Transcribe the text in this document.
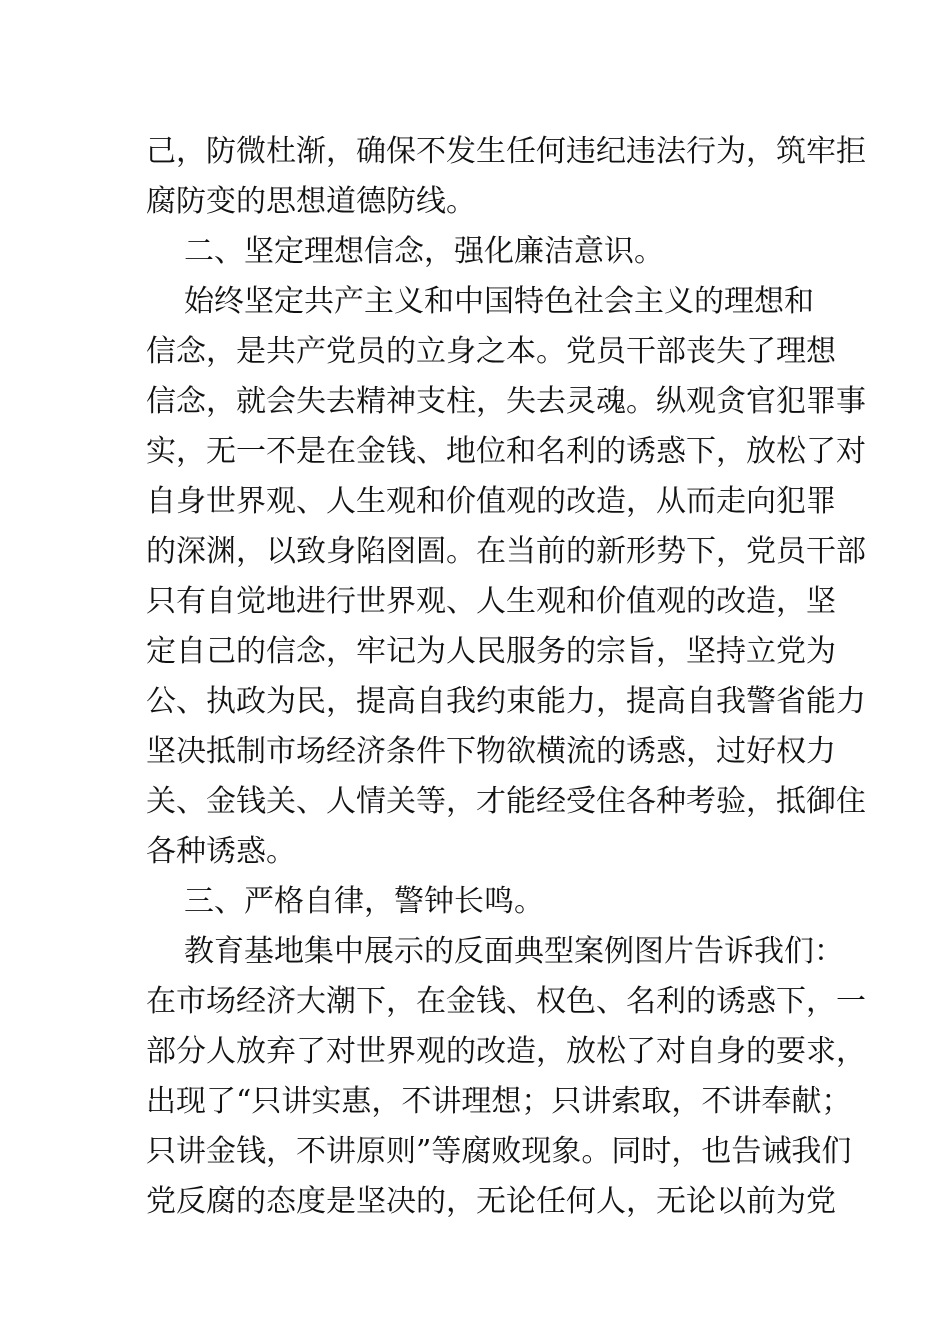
己，防微杜渐，确保不发生任何违纪违法行为，筑牢拒
腐防变的思想道德防线。
二、坚定理想信念，强化廉洁意识。
始终坚定共产主义和中国特色社会主义的理想和
信念，是共产党员的立身之本。党员干部丧失了理想
信念，就会失去精神支柱，失去灵魂。纵观贪官犯罪事
实，无一不是在金钱、地位和名利的诱惑下，放松了对
自身世界观、人生观和价值观的改造，从而走向犯罪
的深渊，以致身陷囹圄。在当前的新形势下，党员干部
只有自觉地进行世界观、人生观和价值观的改造，坚
定自己的信念，牢记为人民服务的宗旨，坚持立党为
公、执政为民，提高自我约束能力，提高自我警省能力
坚决抵制市场经济条件下物欲横流的诱惑，过好权力
关、金钱关、人情关等，才能经受住各种考验，抵御住
各种诱惑。
三、严格自律，警钟长鸣。
教育基地集中展示的反面典型案例图片告诉我们：
在市场经济大潮下，在金钱、权色、名利的诱惑下，一
部分人放弃了对世界观的改造，放松了对自身的要求，
出现了“只讲实惠，不讲理想；只讲索取，不讲奉献；
只讲金钱，不讲原则”等腐败现象。同时，也告诫我们
党反腐的态度是坚决的，无论任何人，无论以前为党
